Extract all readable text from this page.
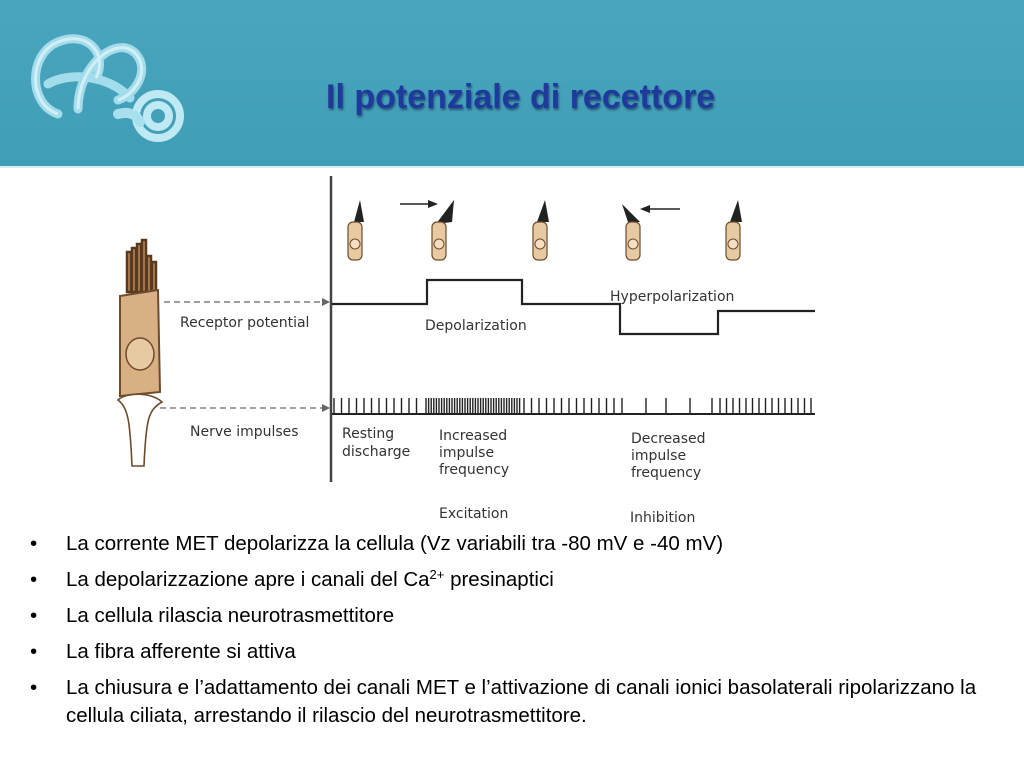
Il potenziale di recettore
Receptor potential
Nerve impulses
Hyperpolarization
Depolarization
Resting discharge
Increased impulse frequency
Decreased impulse frequency
Excitation	Inhibition
• La corrente MET depolarizza la cellula (Vz variabili tra -80 mV e -40 mV)
• La depolarizzazione apre i canali del $Ca^{2+}$ presinaptici
• La cellula rilascia neurotrasmettitore
• La fibra afferente si attiva
• La chiusura e l’adattamento dei canali MET e l’attivazione di canali ionici basolaterali ripolarizzano la cellula ciliata, arrestando il rilascio del neurotrasmettitore.
